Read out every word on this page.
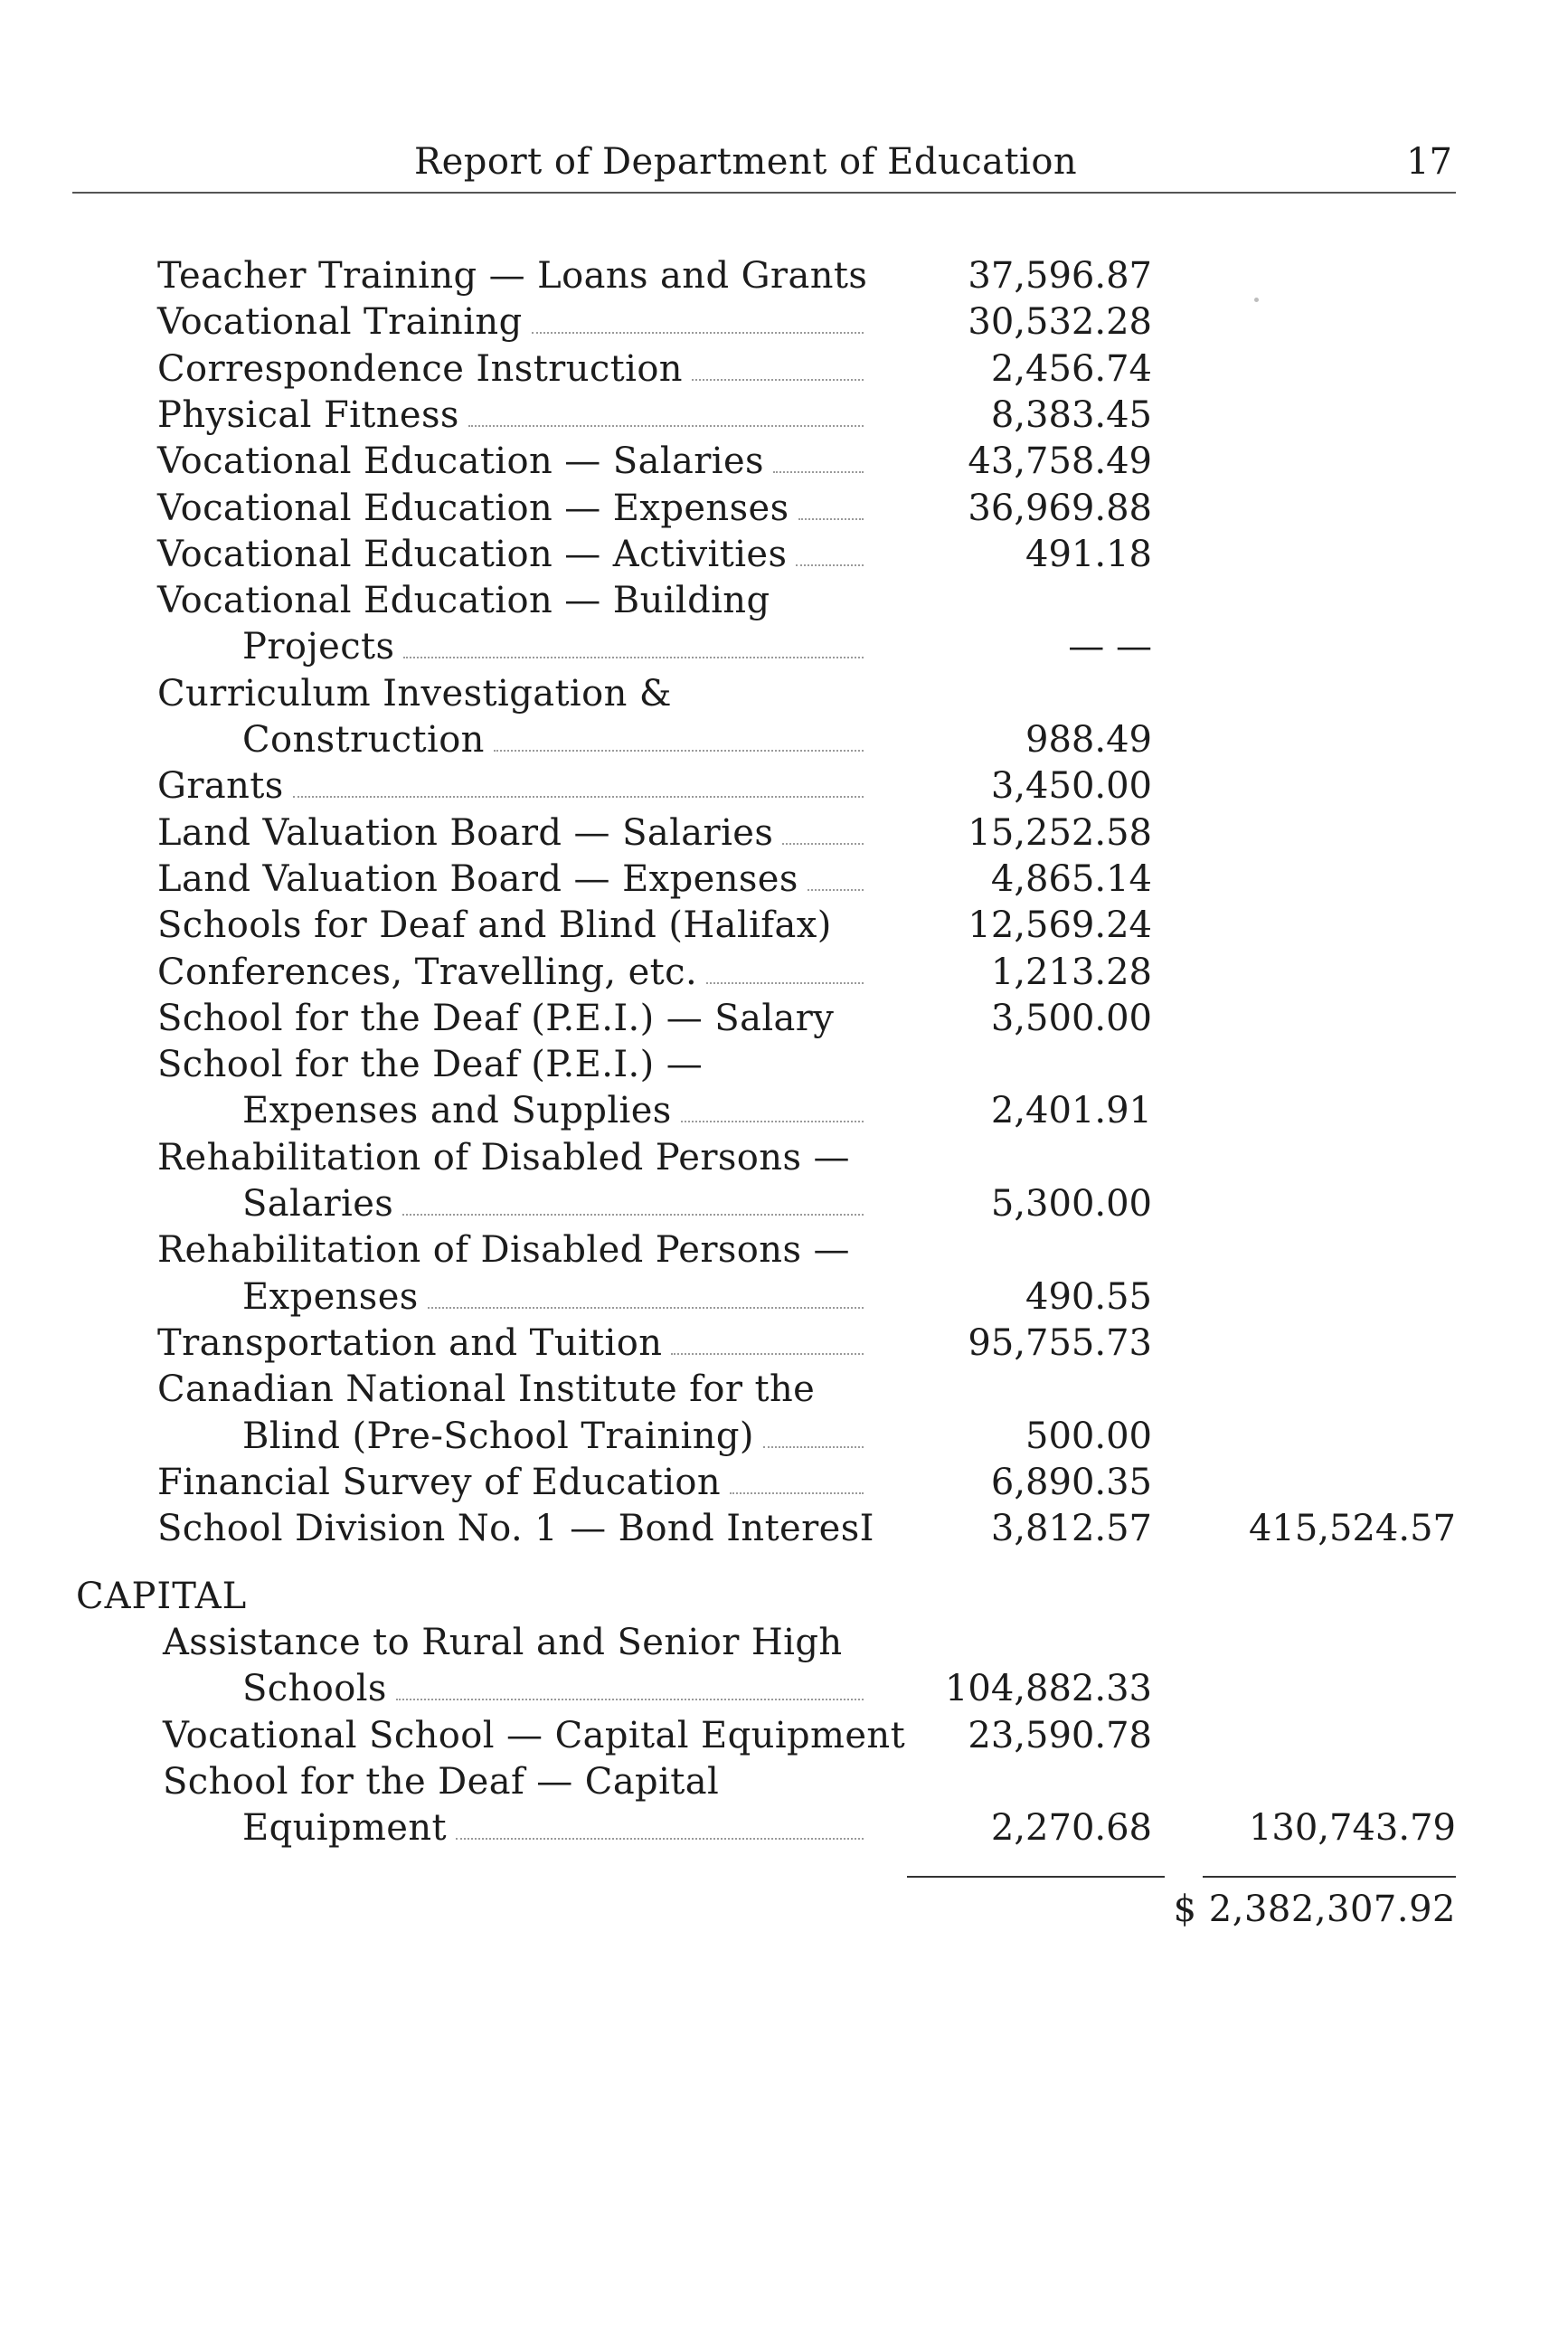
Report of Department of Education	17
Teacher Training — Loans and Grants	37,596.87
Vocational Training	30,532.28
Correspondence Instruction	2,456.74
Physical Fitness	8,383.45
Vocational Education — Salaries	43,758.49
Vocational Education — Expenses	36,969.88
Vocational Education — Activities	491.18
Vocational Education — Building
Projects	— —
Curriculum Investigation &
Construction	988.49
Grants	3,450.00
Land Valuation Board — Salaries	15,252.58
Land Valuation Board — Expenses	4,865.14
Schools for Deaf and Blind (Halifax)	12,569.24
Conferences, Travelling, etc.	1,213.28
School for the Deaf (P.E.I.) — Salary	3,500.00
School for the Deaf (P.E.I.) —
Expenses and Supplies	2,401.91
Rehabilitation of Disabled Persons —
Salaries	5,300.00
Rehabilitation of Disabled Persons —
Expenses	490.55
Transportation and Tuition	95,755.73
Canadian National Institute for the
Blind (Pre-School Training)	500.00
Financial Survey of Education	6,890.35
School Division No. 1 — Bond InteresI	3,812.57	415,524.57
Assistance to Rural and Senior High
Schools	104,882.33
Vocational School — Capital Equipment	23,590.78
School for the Deaf — Capital
Equipment	2,270.68	130,743.79
CAPITAL
$ 2,382,307.92
